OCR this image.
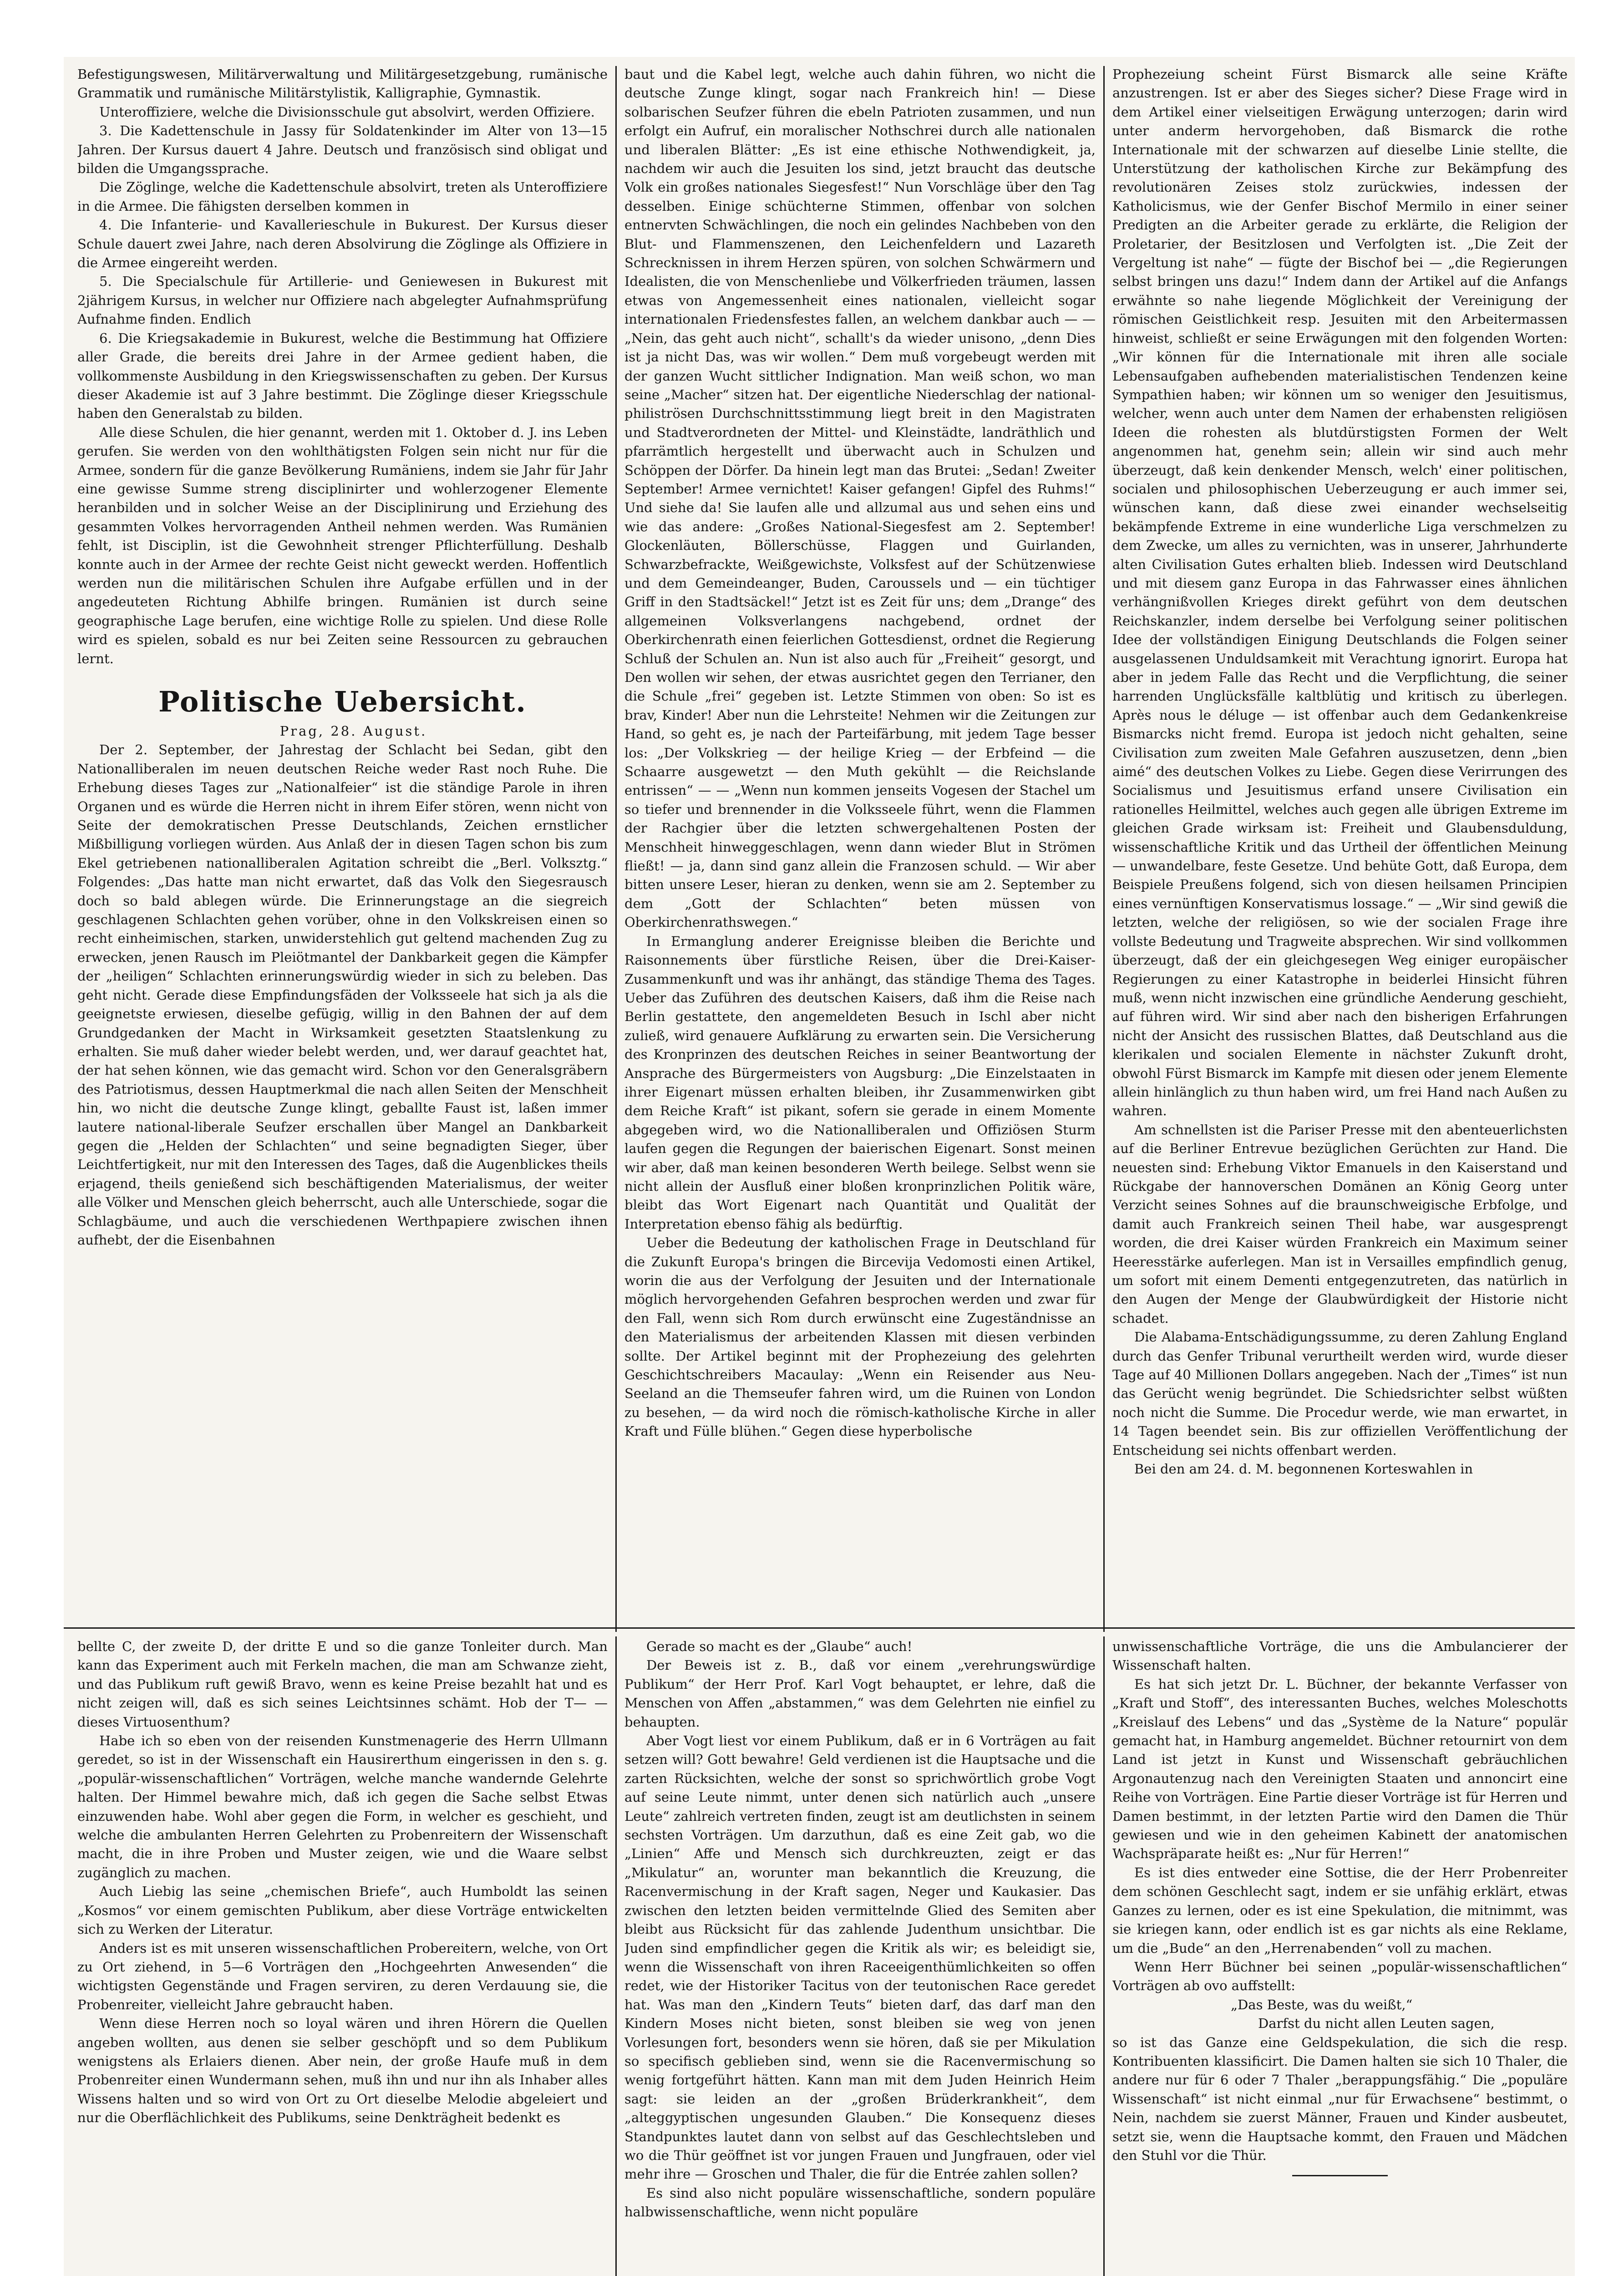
Befestigungswesen, Militärverwaltung und Militärgesetzgebung, rumänische Grammatik und rumänische Militärstylistik, Kalligraphie, Gymnastik.

Unteroffiziere, welche die Divisionsschule gut absolvirt, werden Offiziere.

3. Die Kadettenschule in Jassy für Soldatenkinder im Alter von 13—15 Jahren. Der Kursus dauert 4 Jahre. Deutsch und französisch sind obligat und bilden die Umgangssprache.

Die Zöglinge, welche die Kadettenschule absolvirt, treten als Unteroffiziere in die Armee. Die fähigsten derselben kommen in

4. Die Infanterie- und Kavallerieschule in Bukurest. Der Kursus dieser Schule dauert zwei Jahre, nach deren Absolvirung die Zöglinge als Offiziere in die Armee eingereiht werden.

5. Die Specialschule für Artillerie- und Geniewesen in Bukurest mit 2jährigem Kursus, in welcher nur Offiziere nach abgelegter Aufnahmsprüfung Aufnahme finden. Endlich

6. Die Kriegsakademie in Bukurest, welche die Bestimmung hat Offiziere aller Grade, die bereits drei Jahre in der Armee gedient haben, die vollkommenste Ausbildung in den Kriegswissenschaften zu geben. Der Kursus dieser Akademie ist auf 3 Jahre bestimmt. Die Zöglinge dieser Kriegsschule haben den Generalstab zu bilden.

Alle diese Schulen, die hier genannt, werden mit 1. Oktober d. J. ins Leben gerufen. Sie werden von den wohlthätigsten Folgen sein nicht nur für die Armee, sondern für die ganze Bevölkerung Rumäniens, indem sie Jahr für Jahr eine gewisse Summe streng disciplinirter und wohlerzogener Elemente heranbilden und in solcher Weise an der Disciplinirung und Erziehung des gesammten Volkes hervorragenden Antheil nehmen werden. Was Rumänien fehlt, ist Disciplin, ist die Gewohnheit strenger Pflichterfüllung. Deshalb konnte auch in der Armee der rechte Geist nicht geweckt werden. Hoffentlich werden nun die militärischen Schulen ihre Aufgabe erfüllen und in der angedeuteten Richtung Abhilfe bringen. Rumänien ist durch seine geographische Lage berufen, eine wichtige Rolle zu spielen. Und diese Rolle wird es spielen, sobald es nur bei Zeiten seine Ressourcen zu gebrauchen lernt.

Politische Uebersicht.

Prag, 28. August.

Der 2. September, der Jahrestag der Schlacht bei Sedan, gibt den Nationalliberalen im neuen deutschen Reiche weder Rast noch Ruhe. Die Erhebung dieses Tages zur „Nationalfeier“ ist die ständige Parole in ihren Organen und es würde die Herren nicht in ihrem Eifer stören, wenn nicht von Seite der demokratischen Presse Deutschlands, Zeichen ernstlicher Mißbilligung vorliegen würden. Aus Anlaß der in diesen Tagen schon bis zum Ekel getriebenen nationalliberalen Agitation schreibt die „Berl. Volksztg.“ Folgendes: „Das hatte man nicht erwartet, daß das Volk den Siegesrausch doch so bald ablegen würde. Die Erinnerungstage an die siegreich geschlagenen Schlachten gehen vorüber, ohne in den Volkskreisen einen so recht einheimischen, starken, unwiderstehlich gut geltend machenden Zug zu erwecken, jenen Rausch im Pleiötmantel der Dankbarkeit gegen die Kämpfer der „heiligen“ Schlachten erinnerungswürdig wieder in sich zu beleben. Das geht nicht. Gerade diese Empfindungsfäden der Volksseele hat sich ja als die geeignetste erwiesen, dieselbe gefügig, willig in den Bahnen der auf dem Grundgedanken der Macht in Wirksamkeit gesetzten Staatslenkung zu erhalten. Sie muß daher wieder belebt werden, und, wer darauf geachtet hat, der hat sehen können, wie das gemacht wird. Schon vor den Generalsgräbern des Patriotismus, dessen Hauptmerkmal die nach allen Seiten der Menschheit hin, wo nicht die deutsche Zunge klingt, geballte Faust ist, laßen immer lautere national-liberale Seufzer erschallen über Mangel an Dankbarkeit gegen die „Helden der Schlachten“ und seine begnadigten Sieger, über Leichtfertigkeit, nur mit den Interessen des Tages, daß die Augenblickes theils erjagend, theils genießend sich beschäftigenden Materialismus, der weiter alle Völker und Menschen gleich beherrscht, auch alle Unterschiede, sogar die Schlagbäume, und auch die verschiedenen Werthpapiere zwischen ihnen aufhebt, der die Eisenbahnen

baut und die Kabel legt, welche auch dahin führen, wo nicht die deutsche Zunge klingt, sogar nach Frankreich hin! — Diese solbarischen Seufzer führen die ebeln Patrioten zusammen, und nun erfolgt ein Aufruf, ein moralischer Nothschrei durch alle nationalen und liberalen Blätter: „Es ist eine ethische Nothwendigkeit, ja, nachdem wir auch die Jesuiten los sind, jetzt braucht das deutsche Volk ein großes nationales Siegesfest!“ Nun Vorschläge über den Tag desselben. Einige schüchterne Stimmen, offenbar von solchen entnervten Schwächlingen, die noch ein gelindes Nachbeben von den Blut- und Flammenszenen, den Leichenfeldern und Lazareth Schrecknissen in ihrem Herzen spüren, von solchen Schwärmern und Idealisten, die von Menschenliebe und Völkerfrieden träumen, lassen etwas von Angemessenheit eines nationalen, vielleicht sogar internationalen Friedensfestes fallen, an welchem dankbar auch — — „Nein, das geht auch nicht“, schallt's da wieder unisono, „denn Dies ist ja nicht Das, was wir wollen.“ Dem muß vorgebeugt werden mit der ganzen Wucht sittlicher Indignation. Man weiß schon, wo man seine „Macher“ sitzen hat. Der eigentliche Niederschlag der national-philiströsen Durchschnittsstimmung liegt breit in den Magistraten und Stadtverordneten der Mittel- und Kleinstädte, landräthlich und pfarrämtlich hergestellt und überwacht auch in Schulzen und Schöppen der Dörfer. Da hinein legt man das Brutei: „Sedan! Zweiter September! Armee vernichtet! Kaiser gefangen! Gipfel des Ruhms!“ Und siehe da! Sie laufen alle und allzumal aus und sehen eins und wie das andere: „Großes National-Siegesfest am 2. September! Glockenläuten, Böllerschüsse, Flaggen und Guirlanden, Schwarzbefrackte, Weißgewichste, Volksfest auf der Schützenwiese und dem Gemeindeanger, Buden, Caroussels und — ein tüchtiger Griff in den Stadtsäckel!“ Jetzt ist es Zeit für uns; dem „Drange“ des allgemeinen Volksverlangens nachgebend, ordnet der Oberkirchenrath einen feierlichen Gottesdienst, ordnet die Regierung Schluß der Schulen an. Nun ist also auch für „Freiheit“ gesorgt, und Den wollen wir sehen, der etwas ausrichtet gegen den Terrianer, den die Schule „frei“ gegeben ist. Letzte Stimmen von oben: So ist es brav, Kinder! Aber nun die Lehrsteite! Nehmen wir die Zeitungen zur Hand, so geht es, je nach der Parteifärbung, mit jedem Tage besser los: „Der Volkskrieg — der heilige Krieg — der Erbfeind — die Schaarre ausgewetzt — den Muth gekühlt — die Reichslande entrissen“ — — „Wenn nun kommen jenseits Vogesen der Stachel um so tiefer und brennender in die Volksseele führt, wenn die Flammen der Rachgier über die letzten schwergehaltenen Posten der Menschheit hinweggeschlagen, wenn dann wieder Blut in Strömen fließt! — ja, dann sind ganz allein die Franzosen schuld. — Wir aber bitten unsere Leser, hieran zu denken, wenn sie am 2. September zu dem „Gott der Schlachten“ beten müssen von Oberkirchenrathswegen.“

In Ermanglung anderer Ereignisse bleiben die Berichte und Raisonnements über fürstliche Reisen, über die Drei-Kaiser-Zusammenkunft und was ihr anhängt, das ständige Thema des Tages. Ueber das Zuführen des deutschen Kaisers, daß ihm die Reise nach Berlin gestattete, den angemeldeten Besuch in Ischl aber nicht zuließ, wird genauere Aufklärung zu erwarten sein. Die Versicherung des Kronprinzen des deutschen Reiches in seiner Beantwortung der Ansprache des Bürgermeisters von Augsburg: „Die Einzelstaaten in ihrer Eigenart müssen erhalten bleiben, ihr Zusammenwirken gibt dem Reiche Kraft“ ist pikant, sofern sie gerade in einem Momente abgegeben wird, wo die Nationalliberalen und Offiziösen Sturm laufen gegen die Regungen der baierischen Eigenart. Sonst meinen wir aber, daß man keinen besonderen Werth beilege. Selbst wenn sie nicht allein der Ausfluß einer bloßen kronprinzlichen Politik wäre, bleibt das Wort Eigenart nach Quantität und Qualität der Interpretation ebenso fähig als bedürftig.

Ueber die Bedeutung der katholischen Frage in Deutschland für die Zukunft Europa's bringen die Bircevija Vedomosti einen Artikel, worin die aus der Verfolgung der Jesuiten und der Internationale möglich hervorgehenden Gefahren besprochen werden und zwar für den Fall, wenn sich Rom durch erwünscht eine Zugeständnisse an den Materialismus der arbeitenden Klassen mit diesen verbinden sollte. Der Artikel beginnt mit der Prophezeiung des gelehrten Geschichtschreibers Macaulay: „Wenn ein Reisender aus Neu-Seeland an die Themseufer fahren wird, um die Ruinen von London zu besehen, — da wird noch die römisch-katholische Kirche in aller Kraft und Fülle blühen.“ Gegen diese hyperbolische

Prophezeiung scheint Fürst Bismarck alle seine Kräfte anzustrengen. Ist er aber des Sieges sicher? Diese Frage wird in dem Artikel einer vielseitigen Erwägung unterzogen; darin wird unter anderm hervorgehoben, daß Bismarck die rothe Internationale mit der schwarzen auf dieselbe Linie stellte, die Unterstützung der katholischen Kirche zur Bekämpfung des revolutionären Zeises stolz zurückwies, indessen der Katholicismus, wie der Genfer Bischof Mermilo in einer seiner Predigten an die Arbeiter gerade zu erklärte, die Religion der Proletarier, der Besitzlosen und Verfolgten ist. „Die Zeit der Vergeltung ist nahe“ — fügte der Bischof bei — „die Regierungen selbst bringen uns dazu!“ Indem dann der Artikel auf die Anfangs erwähnte so nahe liegende Möglichkeit der Vereinigung der römischen Geistlichkeit resp. Jesuiten mit den Arbeitermassen hinweist, schließt er seine Erwägungen mit den folgenden Worten: „Wir können für die Internationale mit ihren alle sociale Lebensaufgaben aufhebenden materialistischen Tendenzen keine Sympathien haben; wir können um so weniger den Jesuitismus, welcher, wenn auch unter dem Namen der erhabensten religiösen Ideen die rohesten als blutdürstigsten Formen der Welt angenommen hat, genehm sein; allein wir sind auch mehr überzeugt, daß kein denkender Mensch, welch' einer politischen, socialen und philosophischen Ueberzeugung er auch immer sei, wünschen kann, daß diese zwei einander wechselseitig bekämpfende Extreme in eine wunderliche Liga verschmelzen zu dem Zwecke, um alles zu vernichten, was in unserer, Jahrhunderte alten Civilisation Gutes erhalten blieb. Indessen wird Deutschland und mit diesem ganz Europa in das Fahrwasser eines ähnlichen verhängnißvollen Krieges direkt geführt von dem deutschen Reichskanzler, indem derselbe bei Verfolgung seiner politischen Idee der vollständigen Einigung Deutschlands die Folgen seiner ausgelassenen Unduldsamkeit mit Verachtung ignorirt. Europa hat aber in jedem Falle das Recht und die Verpflichtung, die seiner harrenden Unglücksfälle kaltblütig und kritisch zu überlegen. Après nous le déluge — ist offenbar auch dem Gedankenkreise Bismarcks nicht fremd. Europa ist jedoch nicht gehalten, seine Civilisation zum zweiten Male Gefahren auszusetzen, denn „bien aimé“ des deutschen Volkes zu Liebe. Gegen diese Verirrungen des Socialismus und Jesuitismus erfand unsere Civilisation ein rationelles Heilmittel, welches auch gegen alle übrigen Extreme im gleichen Grade wirksam ist: Freiheit und Glaubensduldung, wissenschaftliche Kritik und das Urtheil der öffentlichen Meinung — unwandelbare, feste Gesetze. Und behüte Gott, daß Europa, dem Beispiele Preußens folgend, sich von diesen heilsamen Principien eines vernünftigen Konservatismus lossage.“ — „Wir sind gewiß die letzten, welche der religiösen, so wie der socialen Frage ihre vollste Bedeutung und Tragweite absprechen. Wir sind vollkommen überzeugt, daß der ein gleichgesegen Weg einiger europäischer Regierungen zu einer Katastrophe in beiderlei Hinsicht führen muß, wenn nicht inzwischen eine gründliche Aenderung geschieht, auf führen wird. Wir sind aber nach den bisherigen Erfahrungen nicht der Ansicht des russischen Blattes, daß Deutschland aus die klerikalen und socialen Elemente in nächster Zukunft droht, obwohl Fürst Bismarck im Kampfe mit diesen oder jenem Elemente allein hinlänglich zu thun haben wird, um frei Hand nach Außen zu wahren.

Am schnellsten ist die Pariser Presse mit den abenteuerlichsten auf die Berliner Entrevue bezüglichen Gerüchten zur Hand. Die neuesten sind: Erhebung Viktor Emanuels in den Kaiserstand und Rückgabe der hannoverschen Domänen an König Georg unter Verzicht seines Sohnes auf die braunschweigische Erbfolge, und damit auch Frankreich seinen Theil habe, war ausgesprengt worden, die drei Kaiser würden Frankreich ein Maximum seiner Heeresstärke auferlegen. Man ist in Versailles empfindlich genug, um sofort mit einem Dementi entgegenzutreten, das natürlich in den Augen der Menge der Glaubwürdigkeit der Historie nicht schadet.

Die Alabama-Entschädigungssumme, zu deren Zahlung England durch das Genfer Tribunal verurtheilt werden wird, wurde dieser Tage auf 40 Millionen Dollars angegeben. Nach der „Times“ ist nun das Gerücht wenig begründet. Die Schiedsrichter selbst wüßten noch nicht die Summe. Die Procedur werde, wie man erwartet, in 14 Tagen beendet sein. Bis zur offiziellen Veröffentlichung der Entscheidung sei nichts offenbart werden.

Bei den am 24. d. M. begonnenen Korteswahlen in

bellte C, der zweite D, der dritte E und so die ganze Tonleiter durch. Man kann das Experiment auch mit Ferkeln machen, die man am Schwanze zieht, und das Publikum ruft gewiß Bravo, wenn es keine Preise bezahlt hat und es nicht zeigen will, daß es sich seines Leichtsinnes schämt. Hob der T— — dieses Virtuosenthum?

Habe ich so eben von der reisenden Kunstmenagerie des Herrn Ullmann geredet, so ist in der Wissenschaft ein Hausirerthum eingerissen in den s. g. „populär-wissenschaftlichen“ Vorträgen, welche manche wandernde Gelehrte halten. Der Himmel bewahre mich, daß ich gegen die Sache selbst Etwas einzuwenden habe. Wohl aber gegen die Form, in welcher es geschieht, und welche die ambulanten Herren Gelehrten zu Probenreitern der Wissenschaft macht, die in ihre Proben und Muster zeigen, wie und die Waare selbst zugänglich zu machen.

Auch Liebig las seine „chemischen Briefe“, auch Humboldt las seinen „Kosmos“ vor einem gemischten Publikum, aber diese Vorträge entwickelten sich zu Werken der Literatur.

Anders ist es mit unseren wissenschaftlichen Probereitern, welche, von Ort zu Ort ziehend, in 5—6 Vorträgen den „Hochgeehrten Anwesenden“ die wichtigsten Gegenstände und Fragen serviren, zu deren Verdauung sie, die Probenreiter, vielleicht Jahre gebraucht haben.

Wenn diese Herren noch so loyal wären und ihren Hörern die Quellen angeben wollten, aus denen sie selber geschöpft und so dem Publikum wenigstens als Erlaiers dienen. Aber nein, der große Haufe muß in dem Probenreiter einen Wundermann sehen, muß ihn und nur ihn als Inhaber alles Wissens halten und so wird von Ort zu Ort dieselbe Melodie abgeleiert und nur die Oberflächlichkeit des Publikums, seine Denkträgheit bedenkt es

Gerade so macht es der „Glaube“ auch!

Der Beweis ist z. B., daß vor einem „verehrungswürdige Publikum“ der Herr Prof. Karl Vogt behauptet, er lehre, daß die Menschen von Affen „abstammen,“ was dem Gelehrten nie einfiel zu behaupten.

Aber Vogt liest vor einem Publikum, daß er in 6 Vorträgen au fait setzen will? Gott bewahre! Geld verdienen ist die Hauptsache und die zarten Rücksichten, welche der sonst so sprichwörtlich grobe Vogt auf seine Leute nimmt, unter denen sich natürlich auch „unsere Leute“ zahlreich vertreten finden, zeugt ist am deutlichsten in seinem sechsten Vorträgen. Um darzuthun, daß es eine Zeit gab, wo die „Linien“ Affe und Mensch sich durchkreuzten, zeigt er das „Mikulatur“ an, worunter man bekanntlich die Kreuzung, die Racenvermischung in der Kraft sagen, Neger und Kaukasier. Das zwischen den letzten beiden vermittelnde Glied des Semiten aber bleibt aus Rücksicht für das zahlende Judenthum unsichtbar. Die Juden sind empfindlicher gegen die Kritik als wir; es beleidigt sie, wenn die Wissenschaft von ihren Raceeigenthümlichkeiten so offen redet, wie der Historiker Tacitus von der teutonischen Race geredet hat. Was man den „Kindern Teuts“ bieten darf, das darf man den Kindern Moses nicht bieten, sonst bleiben sie weg von jenen Vorlesungen fort, besonders wenn sie hören, daß sie per Mikulation so specifisch geblieben sind, wenn sie die Racenvermischung so wenig fortgeführt hätten. Kann man mit dem Juden Heinrich Heim sagt: sie leiden an der „großen Brüderkrankheit“, dem „alteggyptischen ungesunden Glauben.“ Die Konsequenz dieses Standpunktes lautet dann von selbst auf das Geschlechtsleben und wo die Thür geöffnet ist vor jungen Frauen und Jungfrauen, oder viel mehr ihre — Groschen und Thaler, die für die Entrée zahlen sollen?

Es sind also nicht populäre wissenschaftliche, sondern populäre halbwissenschaftliche, wenn nicht populäre

unwissenschaftliche Vorträge, die uns die Ambulancierer der Wissenschaft halten.

Es hat sich jetzt Dr. L. Büchner, der bekannte Verfasser von „Kraft und Stoff“, des interessanten Buches, welches Moleschotts „Kreislauf des Lebens“ und das „Système de la Nature“ populär gemacht hat, in Hamburg angemeldet. Büchner retournirt von dem Land ist jetzt in Kunst und Wissenschaft gebräuchlichen Argonautenzug nach den Vereinigten Staaten und annoncirt eine Reihe von Vorträgen. Eine Partie dieser Vorträge ist für Herren und Damen bestimmt, in der letzten Partie wird den Damen die Thür gewiesen und wie in den geheimen Kabinett der anatomischen Wachspräparate heißt es: „Nur für Herren!“

Es ist dies entweder eine Sottise, die der Herr Probenreiter dem schönen Geschlecht sagt, indem er sie unfähig erklärt, etwas Ganzes zu lernen, oder es ist eine Spekulation, die mitnimmt, was sie kriegen kann, oder endlich ist es gar nichts als eine Reklame, um die „Bude“ an den „Herrenabenden“ voll zu machen.

Wenn Herr Büchner bei seinen „populär-wissenschaftlichen“ Vorträgen ab ovo auffstellt:

„Das Beste, was du weißt,“

Darfst du nicht allen Leuten sagen,

so ist das Ganze eine Geldspekulation, die sich die resp. Kontribuenten klassificirt. Die Damen halten sie sich 10 Thaler, die andere nur für 6 oder 7 Thaler „berappungsfähig.“ Die „populäre Wissenschaft“ ist nicht einmal „nur für Erwachsene“ bestimmt, o Nein, nachdem sie zuerst Männer, Frauen und Kinder ausbeutet, setzt sie, wenn die Hauptsache kommt, den Frauen und Mädchen den Stuhl vor die Thür.
